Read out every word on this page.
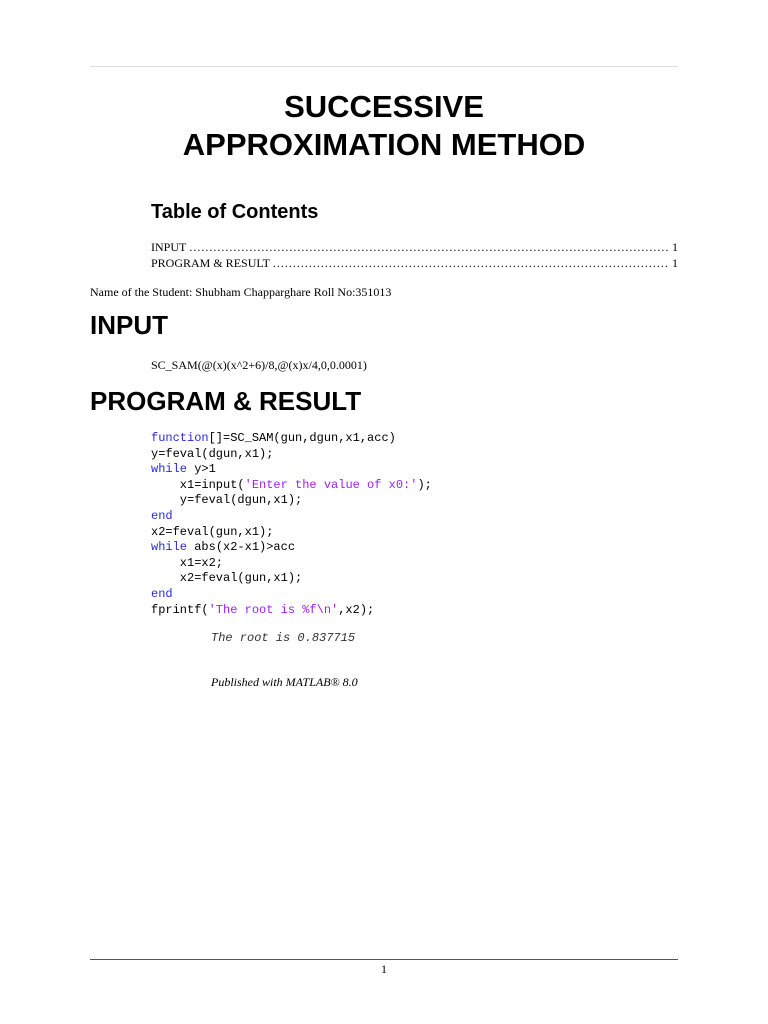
SUCCESSIVE
APPROXIMATION METHOD
Table of Contents
INPUT .....	1
PROGRAM & RESULT .....	1
Name of the Student: Shubham Chapparghare Roll No:351013
INPUT
SC_SAM(@(x)(x^2+6)/8,@(x)x/4,0,0.0001)
PROGRAM & RESULT
function[]=SC_SAM(gun,dgun,x1,acc)
y=feval(dgun,x1);
while y>1
x1=input('Enter the value of x0:');
y=feval(dgun,x1);
end
x2=feval(gun,x1);
while abs(x2-x1)>acc
x1=x2;
x2=feval(gun,x1);
end
fprintf('The root is %f\n',x2);
The root is 0.837715
Published with MATLAB® 8.0
1
